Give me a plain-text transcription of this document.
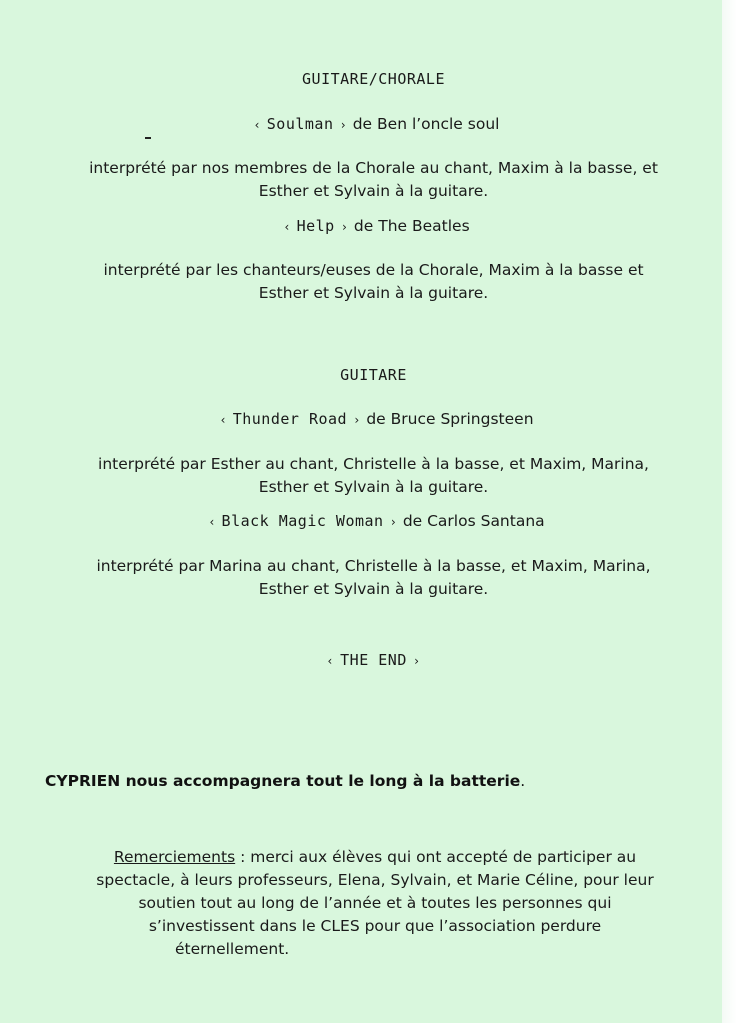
GUITARE/CHORALE
‹ Soulman › de Ben l’oncle soul
interprété par nos membres de la Chorale au chant, Maxim à la basse, et
Esther et Sylvain à la guitare.
‹ Help › de The Beatles
interprété par les chanteurs/euses de la Chorale, Maxim à la basse et
Esther et Sylvain à la guitare.
GUITARE
‹ Thunder Road › de Bruce Springsteen
interprété par Esther au chant, Christelle à la basse, et Maxim, Marina,
Esther et Sylvain à la guitare.
‹ Black Magic Woman › de Carlos Santana
interprété par Marina au chant, Christelle à la basse, et Maxim, Marina,
Esther et Sylvain à la guitare.
‹ THE END ›
CYPRIEN nous accompagnera tout le long à la batterie.
Remerciements : merci aux élèves qui ont accepté de participer au
spectacle, à leurs professeurs, Elena, Sylvain, et Marie Céline, pour leur
soutien tout au long de l’année et à toutes les personnes qui
s’investissent dans le CLES pour que l’association perdure
éternellement.
